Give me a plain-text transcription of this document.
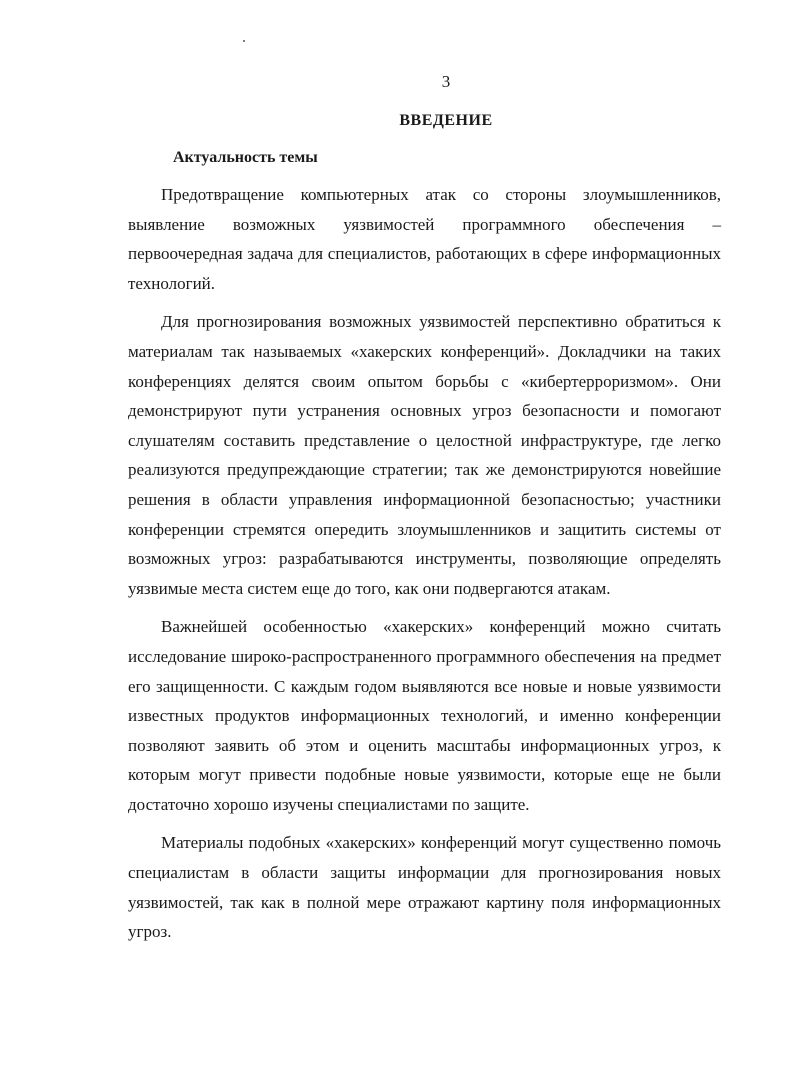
3
ВВЕДЕНИЕ
Актуальность темы

Предотвращение компьютерных атак со стороны злоумышленников, выявление возможных уязвимостей программного обеспечения – первоочередная задача для специалистов, работающих в сфере информационных технологий.

Для прогнозирования возможных уязвимостей перспективно обратиться к материалам так называемых «хакерских конференций». Докладчики на таких конференциях делятся своим опытом борьбы с «кибертерроризмом». Они демонстрируют пути устранения основных угроз безопасности и помогают слушателям составить представление о целостной инфраструктуре, где легко реализуются предупреждающие стратегии; так же демонстрируются новейшие решения в области управления информационной безопасностью; участники конференции стремятся опередить злоумышленников и защитить системы от возможных угроз: разрабатываются инструменты, позволяющие определять уязвимые места систем еще до того, как они подвергаются атакам.

Важнейшей особенностью «хакерских» конференций можно считать исследование широко-распространенного программного обеспечения на предмет его защищенности. С каждым годом выявляются все новые и новые уязвимости известных продуктов информационных технологий, и именно конференции позволяют заявить об этом и оценить масштабы информационных угроз, к которым могут привести подобные новые уязвимости, которые еще не были достаточно хорошо изучены специалистами по защите.

Материалы подобных «хакерских» конференций могут существенно помочь специалистам в области защиты информации для прогнозирования новых уязвимостей, так как в полной мере отражают картину поля информационных угроз.
